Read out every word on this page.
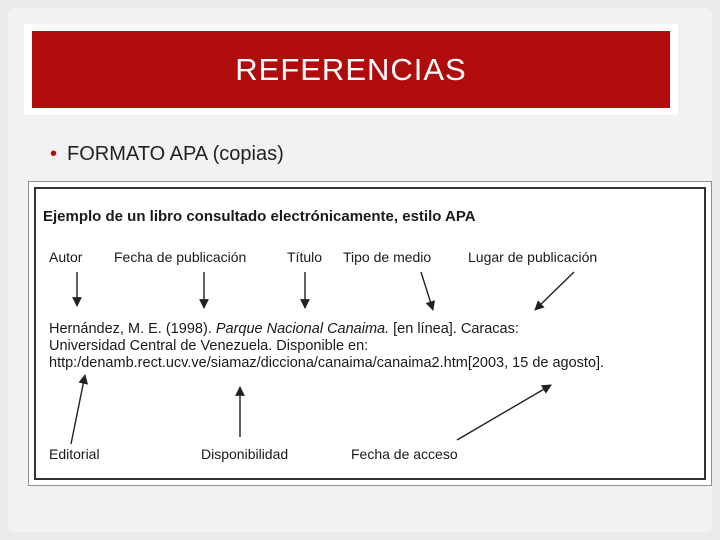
REFERENCIAS
• FORMATO APA (copias)
Ejemplo de un libro consultado electrónicamente, estilo APA
Autor Fecha de publicación	Título Tipo de medio	Lugar de publicación
Hernández, M. E. (1998). Parque Nacional Canaima. [en línea]. Caracas:
Universidad Central de Venezuela. Disponible en:
http:/denamb.rect.ucv.ve/siamaz/dicciona/canaima/canaima2.htm[2003, 15 de agosto].
Editorial	Disponibilidad	Fecha de acceso
